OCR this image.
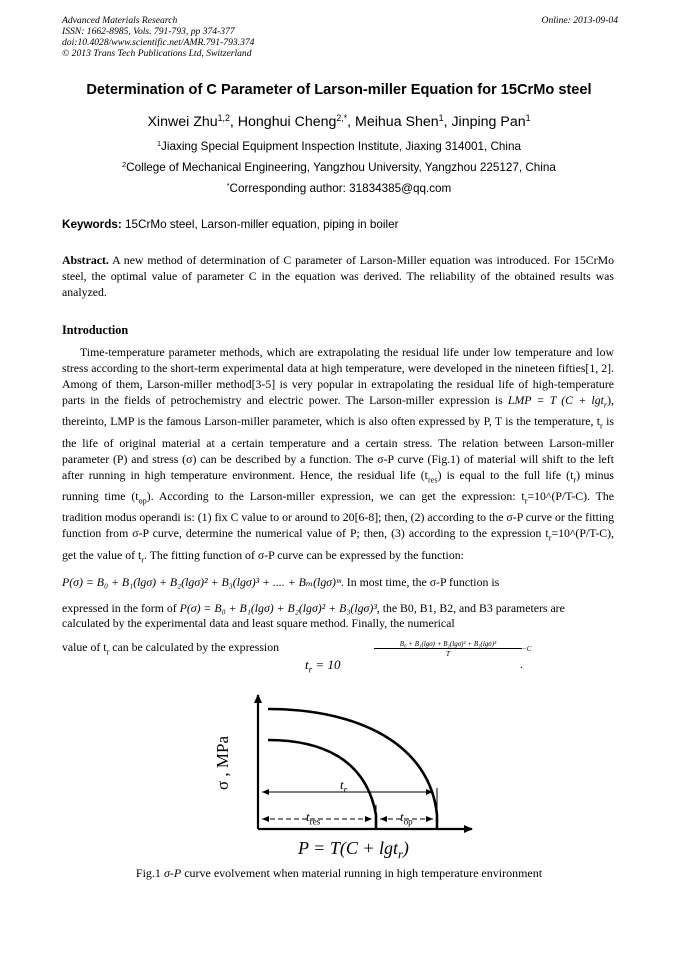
Advanced Materials Research
ISSN: 1662-8985, Vols. 791-793, pp 374-377
doi:10.4028/www.scientific.net/AMR.791-793.374
© 2013 Trans Tech Publications Ltd, Switzerland
Online: 2013-09-04
Determination of C Parameter of Larson-miller Equation for 15CrMo steel
Xinwei Zhu$^{1,2}$, Honghui Cheng$^{2,*}$, Meihua Shen$^1$, Jinping Pan$^1$
$^1$Jiaxing Special Equipment Inspection Institute, Jiaxing 314001, China
$^2$College of Mechanical Engineering, Yangzhou University, Yangzhou 225127, China
*Corresponding author: 31834385@qq.com
Keywords: 15CrMo steel, Larson-miller equation, piping in boiler
Abstract. A new method of determination of C parameter of Larson-Miller equation was introduced. For 15CrMo steel, the optimal value of parameter C in the equation was derived. The reliability of the obtained results was analyzed.
Introduction
Time-temperature parameter methods, which are extrapolating the residual life under low temperature and low stress according to the short-term experimental data at high temperature, were developed in the nineteen fifties[1, 2]. Among of them, Larson-miller method[3-5] is very popular in extrapolating the residual life of high-temperature parts in the fields of petrochemistry and electric power. The Larson-miller expression is LMP = T (C + lgt$_r$), thereinto, LMP is the famous Larson-miller parameter, which is also often expressed by P, T is the temperature, $t_r$ is the life of original material at a certain temperature and a certain stress. The relation between Larson-miller parameter (P) and stress (σ) can be described by a function. The σ-P curve (Fig.1) of material will shift to the left after running in high temperature environment. Hence, the residual life $(t_{res})$ is equal to the full life $(t_r)$ minus running time $(t_{op})$. According to the Larson-miller expression, we can get the expression: $t_r=10\^{}(P/T-C)$. The tradition modus operandi is: (1) fix C value to or around to 20[6-8]; then, (2) according to the σ-P curve or the fitting function from σ-P curve, determine the numerical value of P; then, (3) according to the expression $t_r=10\^{}(P/T-C)$, get the value of $t_r$. The fitting function of σ-P curve can be expressed by the function:
P(σ) = B₀ + B₁(lgσ) + B₂(lgσ)² + B₃(lgσ)³ + .... + Bₘ(lgσ)ᵐ. In most time, the σ-P function is
expressed in the form of P(σ) = B₀ + B₁(lgσ) + B₂(lgσ)² + B₃(lgσ)³, the B0, B1, B2, and B3 parameters are calculated by the experimental data and least square method. Finally, the numerical
value of $t_r$ can be calculated by the expression
$t_r = 10$
B₀ + B₁(lgσ) + B₂(lgσ)² + B₃(lgσ)³
T
−C
.
σ , MPa	$t_r$
$t_{res}$	$t_{op}$
P = T(C + lgt$_r$)
Fig.1 σ-P curve evolvement when material running in high temperature environment
